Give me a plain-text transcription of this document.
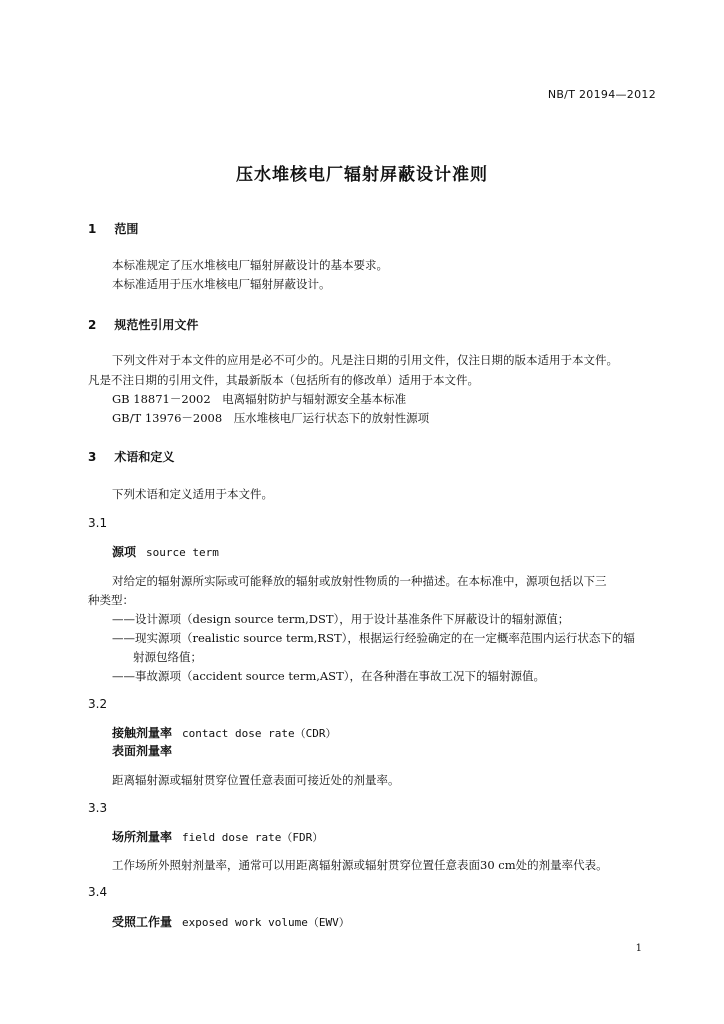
NB/T 20194—2012
压水堆核电厂辐射屏蔽设计准则
1 范围
本标准规定了压水堆核电厂辐射屏蔽设计的基本要求。
本标准适用于压水堆核电厂辐射屏蔽设计。
2 规范性引用文件
下列文件对于本文件的应用是必不可少的。凡是注日期的引用文件，仅注日期的版本适用于本文件。
凡是不注日期的引用文件，其最新版本（包括所有的修改单）适用于本文件。
GB 18871－2002　电离辐射防护与辐射源安全基本标准
GB/T 13976－2008　压水堆核电厂运行状态下的放射性源项
3 术语和定义
下列术语和定义适用于本文件。
3.1
源项 source term
对给定的辐射源所实际或可能释放的辐射或放射性物质的一种描述。在本标准中，源项包括以下三
种类型：
——设计源项（design source term,DST），用于设计基准条件下屏蔽设计的辐射源值；
——现实源项（realistic source term,RST），根据运行经验确定的在一定概率范围内运行状态下的辐
射源包络值；
——事故源项（accident source term,AST），在各种潜在事故工况下的辐射源值。
3.2
接触剂量率 contact dose rate（CDR）
表面剂量率
距离辐射源或辐射贯穿位置任意表面可接近处的剂量率。
3.3
场所剂量率 field dose rate（FDR）
工作场所外照射剂量率，通常可以用距离辐射源或辐射贯穿位置任意表面30 cm处的剂量率代表。
3.4
受照工作量 exposed work volume（EWV）
1
